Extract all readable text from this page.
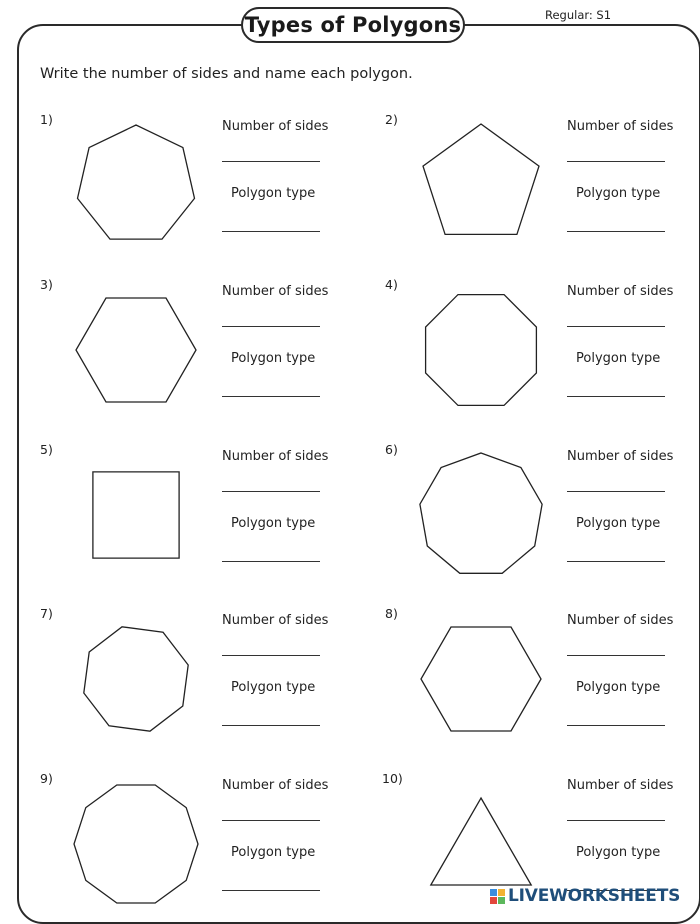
Types of Polygons	Regular: S1
Write the number of sides and name each polygon.
1)	Number of sides
Polygon type
2)	Number of sides
Polygon type
3)	Number of sides
Polygon type
4)	Number of sides
Polygon type
5)	Number of sides
Polygon type
6)	Number of sides
Polygon type
7)	Number of sides
Polygon type
8)	Number of sides
Polygon type
9)	Number of sides
Polygon type
10)	Number of sides
Polygon type
LIVEWORKSHEETS
